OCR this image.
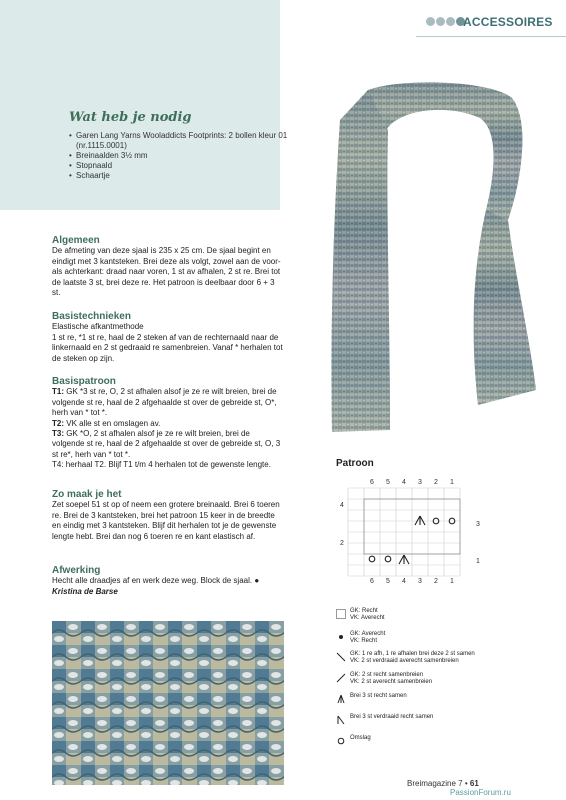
ACCESSOIRES
Wat heb je nodig
• Garen Lang Yarns Wooladdicts Footprints: 2 bollen kleur 01 (nr.1115.0001)
• Breinaalden 3½ mm
• Stopnaald
• Schaartje
Algemeen

De afmeting van deze sjaal is 235 x 25 cm. De sjaal begint en eindigt met 3 kantsteken. Brei deze als volgt, zowel aan de voor- als achterkant: draad naar voren, 1 st av afhalen, 2 st re. Brei tot de laatste 3 st, brei deze re. Het patroon is deelbaar door 6 + 3 st.

Basistechnieken

Elastische afkantmethode

1 st re, *1 st re, haal de 2 steken af van de rechternaald naar de linkernaald en 2 st gedraaid re samenbreien. Vanaf * herhalen tot de steken op zijn.

Basispatroon

T1: GK *3 st re, O, 2 st afhalen alsof je ze re wilt breien, brei de volgende st re, haal de 2 afgehaalde st over de gebreide st, O*, herh van * tot *.

T2: VK alle st en omslagen av.

T3: GK *O, 2 st afhalen alsof je ze re wilt breien, brei de volgende st re, haal de 2 afgehaalde st over de gebreide st, O, 3 st re*, herh van * tot *.

T4: herhaal T2. Blijf T1 t/m 4 herhalen tot de gewenste lengte.

Zo maak je het

Zet soepel 51 st op of neem een grotere breinaald. Brei 6 toeren re. Brei de 3 kantsteken, brei het patroon 15 keer in de breedte en eindig met 3 kantsteken. Blijf dit herhalen tot je de gewenste lengte hebt. Brei dan nog 6 toeren re en kant elastisch af.

Afwerking

Hecht alle draadjes af en werk deze weg. Block de sjaal. ●

Kristina de Barse

Patroon
6 5 4 3 2 1
6 5 4 3 2 1
4
2
3
1
GK: Recht
VK: Averecht
GK: Averecht
VK: Recht
GK: 1 re afh, 1 re afhalen brei deze 2 st samen
VK: 2 st verdraaid averecht samenbreien
GK: 2 st recht samenbreien
VK: 2 st averecht samenbreien
Brei 3 st recht samen
Brei 3 st verdraaid recht samen
Omslag
Breimagazine 7 • 61
PassionForum.ru
